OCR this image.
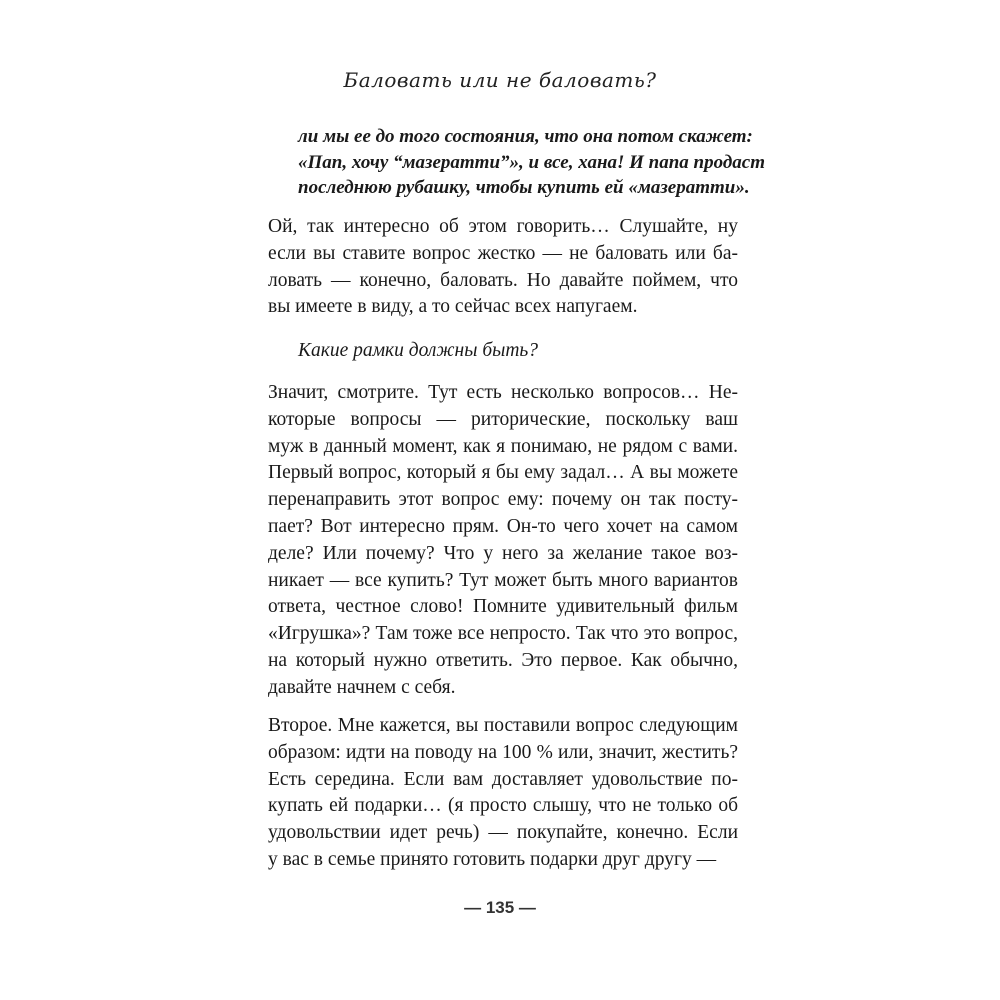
Баловать или не баловать?
ли мы ее до того состояния, что она потом скажет:
«Пап, хочу “мазератти”», и все, хана! И папа продаст
последнюю рубашку, чтобы купить ей «мазератти».
Ой, так интересно об этом говорить… Слушайте, ну
если вы ставите вопрос жестко — не баловать или ба-
ловать — конечно, баловать. Но давайте поймем, что
вы имеете в виду, а то сейчас всех напугаем.
Какие рамки должны быть?
Значит, смотрите. Тут есть несколько вопросов… Не-
которые вопросы — риторические, поскольку ваш
муж в данный момент, как я понимаю, не рядом с вами.
Первый вопрос, который я бы ему задал… А вы можете
перенаправить этот вопрос ему: почему он так посту-
пает? Вот интересно прям. Он-то чего хочет на самом
деле? Или почему? Что у него за желание такое воз-
никает — все купить? Тут может быть много вариантов
ответа, честное слово! Помните удивительный фильм
«Игрушка»? Там тоже все непросто. Так что это вопрос,
на который нужно ответить. Это первое. Как обычно,
давайте начнем с себя.
Второе. Мне кажется, вы поставили вопрос следующим
образом: идти на поводу на 100 % или, значит, жестить?
Есть середина. Если вам доставляет удовольствие по-
купать ей подарки… (я просто слышу, что не только об
удовольствии идет речь) — покупайте, конечно. Если
у вас в семье принято готовить подарки друг другу —
— 135 —
